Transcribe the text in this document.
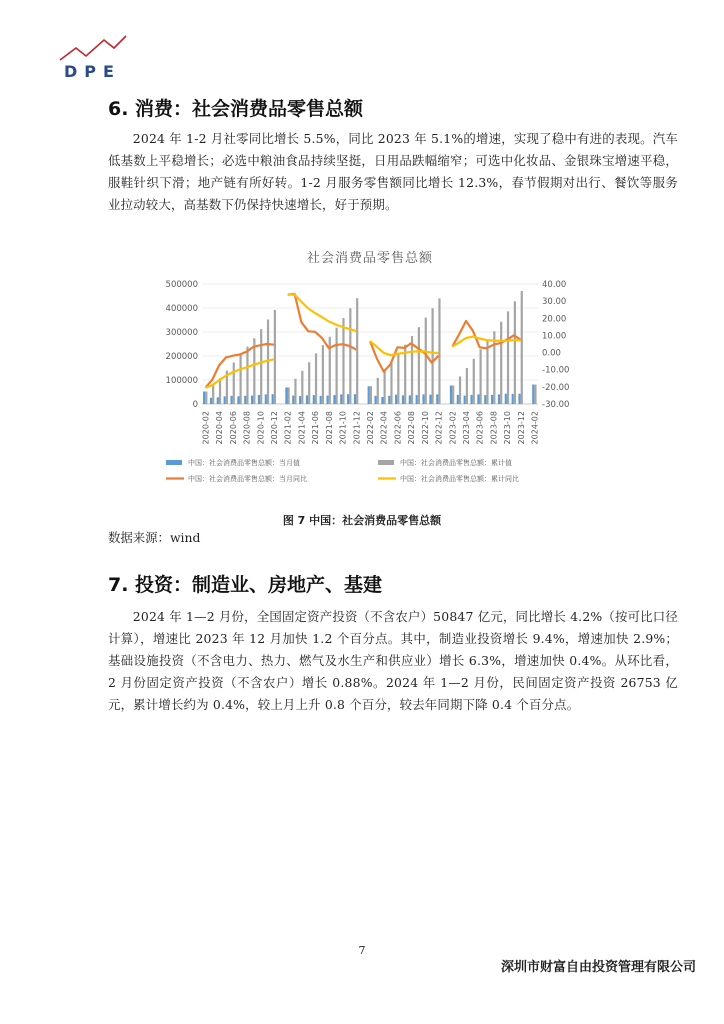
DPE
6. 消费：社会消费品零售总额

2024 年 1-2 月社零同比增长 5.5%，同比 2023 年 5.1%的增速，实现了稳中有进的表现。汽车低基数上平稳增长；必选中粮油食品持续坚挺，日用品跌幅缩窄；可选中化妆品、金银珠宝增速平稳，服鞋针织下滑；地产链有所好转。1-2 月服务零售额同比增长 12.3%，春节假期对出行、餐饮等服务业拉动较大，高基数下仍保持快速增长，好于预期。

社会消费品零售总额
500000
400000
300000
200000
100000
0
40.00
30.00
20.00
10.00
0.00
-10.00
-20.00
-30.00
2020-02 2020-04 2020-06 2020-08 2020-10 2020-12 2021-02 2021-04 2021-06 2021-08 2021-10 2021-12 2022-02 2022-04 2022-06 2022-08 2022-10 2022-12 2023-02 2023-04 2023-06 2023-08 2023-10 2023-12 2024-02
中国：社会消费品零售总额：当月值	中国：社会消费品零售总额：累计值
中国：社会消费品零售总额：当月同比	中国：社会消费品零售总额：累计同比
图 7 中国：社会消费品零售总额
数据来源：wind
7. 投资：制造业、房地产、基建

2024 年 1—2 月份，全国固定资产投资（不含农户）50847 亿元，同比增长 4.2%（按可比口径计算），增速比 2023 年 12 月加快 1.2 个百分点。其中，制造业投资增长 9.4%，增速加快 2.9%；基础设施投资（不含电力、热力、燃气及水生产和供应业）增长 6.3%，增速加快 0.4%。从环比看，2 月份固定资产投资（不含农户）增长 0.88%。2024 年 1—2 月份，民间固定资产投资 26753 亿元，累计增长约为 0.4%，较上月上升 0.8 个百分，较去年同期下降 0.4 个百分点。

7
深圳市财富自由投资管理有限公司
